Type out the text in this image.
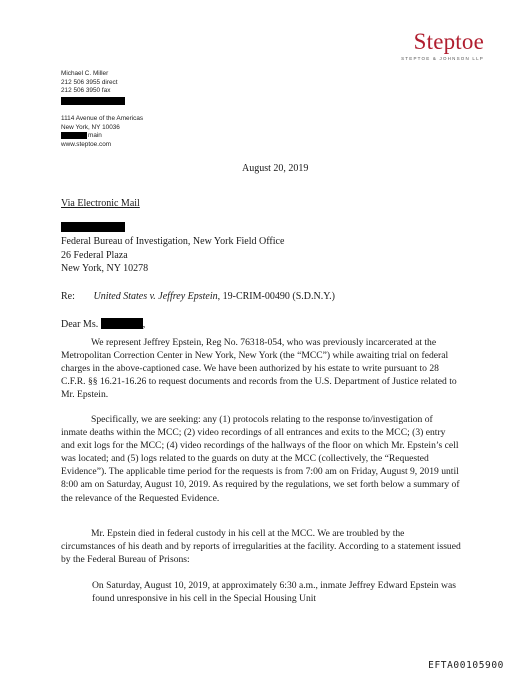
Steptoe
STEPTOE & JOHNSON LLP
Michael C. Miller
212 506 3955 direct
212 506 3950 fax
1114 Avenue of the Americas
New York, NY 10036
main
www.steptoe.com
August 20, 2019
Via Electronic Mail
Federal Bureau of Investigation, New York Field Office
26 Federal Plaza
New York, NY 10278
Re: United States v. Jeffrey Epstein, 19-CRIM-00490 (S.D.N.Y.)
Dear Ms.	,
We represent Jeffrey Epstein, Reg No. 76318-054, who was previously incarcerated at the Metropolitan Correction Center in New York, New York (the “MCC”) while awaiting trial on federal charges in the above-captioned case. We have been authorized by his estate to write pursuant to 28 C.F.R. §§ 16.21-16.26 to request documents and records from the U.S. Department of Justice related to Mr. Epstein.
Specifically, we are seeking: any (1) protocols relating to the response to/investigation of inmate deaths within the MCC; (2) video recordings of all entrances and exits to the MCC; (3) entry and exit logs for the MCC; (4) video recordings of the hallways of the floor on which Mr. Epstein’s cell was located; and (5) logs related to the guards on duty at the MCC (collectively, the “Requested Evidence”). The applicable time period for the requests is from 7:00 am on Friday, August 9, 2019 until 8:00 am on Saturday, August 10, 2019. As required by the regulations, we set forth below a summary of the relevance of the Requested Evidence.
Mr. Epstein died in federal custody in his cell at the MCC. We are troubled by the circumstances of his death and by reports of irregularities at the facility. According to a statement issued by the Federal Bureau of Prisons:
On Saturday, August 10, 2019, at approximately 6:30 a.m., inmate Jeffrey Edward Epstein was found unresponsive in his cell in the Special Housing Unit
EFTA00105900
